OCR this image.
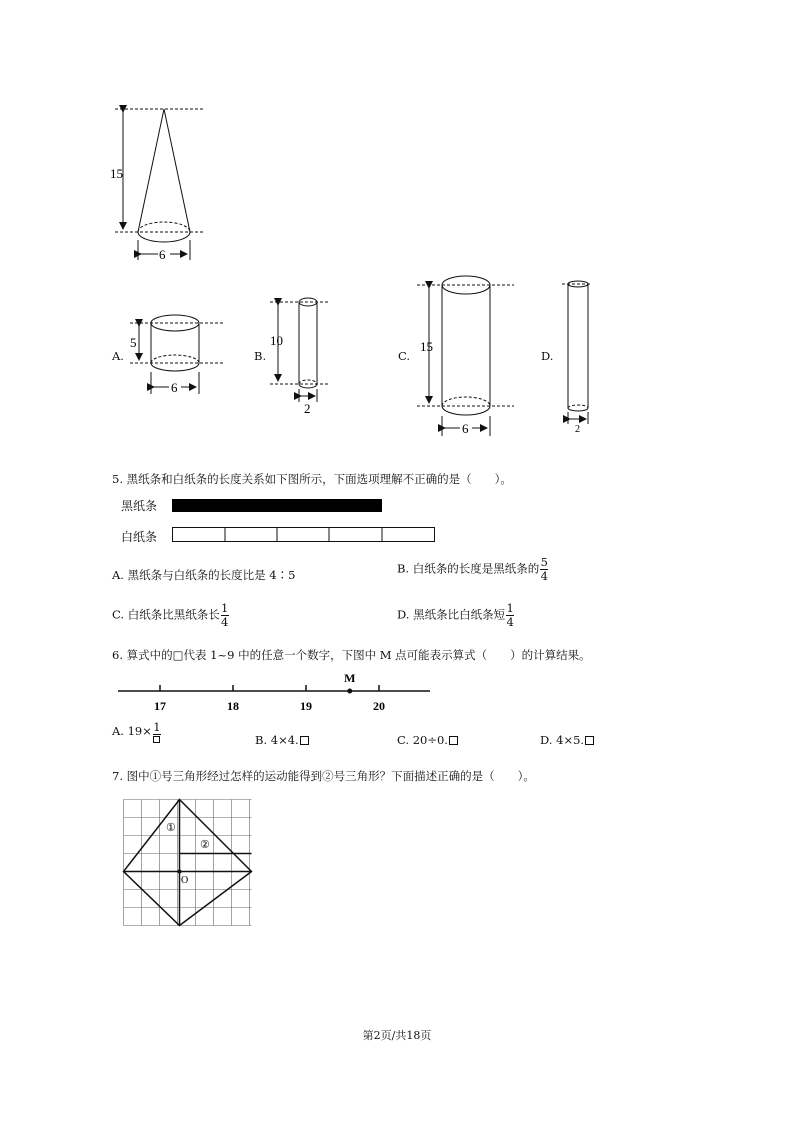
15
6
A.
5
6
B.
10
2
C.
15
6
D.
2
5. 黑纸条和白纸条的长度关系如下图所示，下面选项理解不正确的是（　　）。
黑纸条
白纸条
A. 黑纸条与白纸条的长度比是 4∶5	B. 白纸条的长度是黑纸条的 $\frac{5}{4}$
C. 白纸条比黑纸条长 $\frac{1}{4}$	D. 黑纸条比白纸条短 $\frac{1}{4}$
6. 算式中的□代表 1~9 中的任意一个数字，下图中 M 点可能表示算式（　　）的计算结果。
17	18	19	20
M
A. 19× 1
B. 4×4.	C. 20÷0.	D. 4×5.
7. 图中①号三角形经过怎样的运动能得到②号三角形？下面描述正确的是（　　）。
①
②
O
第2页/共18页
